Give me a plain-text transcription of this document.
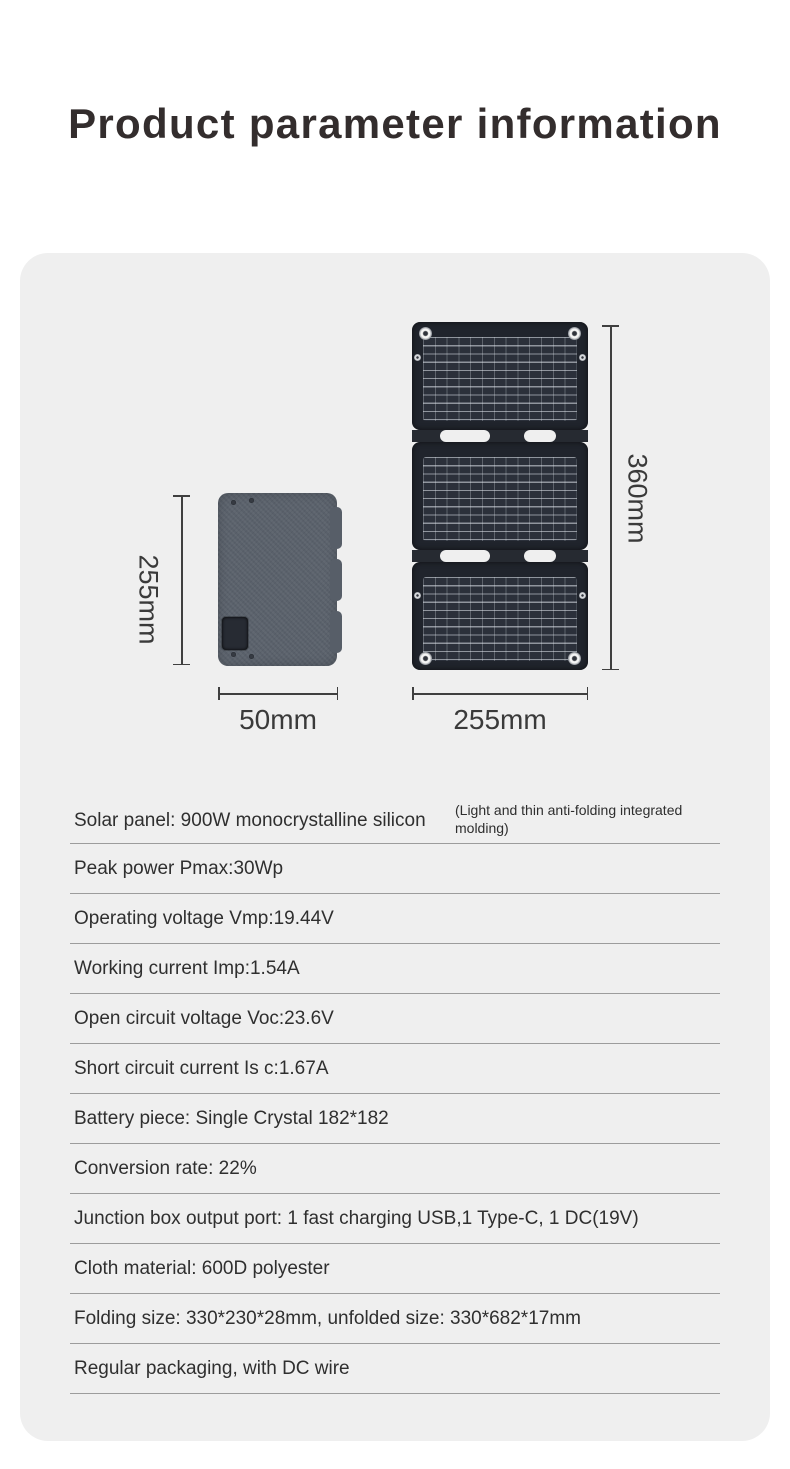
Product parameter information
255mm
360mm
50mm	255mm
Solar panel: 900W monocrystalline silicon (Light and thin anti-folding integrated molding)
Peak power Pmax:30Wp
Operating voltage Vmp:19.44V
Working current Imp:1.54A
Open circuit voltage Voc:23.6V
Short circuit current Is c:1.67A
Battery piece: Single Crystal 182*182
Conversion rate: 22%
Junction box output port: 1 fast charging USB,1 Type-C, 1 DC(19V)
Cloth material: 600D polyester
Folding size: 330*230*28mm, unfolded size: 330*682*17mm
Regular packaging, with DC wire
